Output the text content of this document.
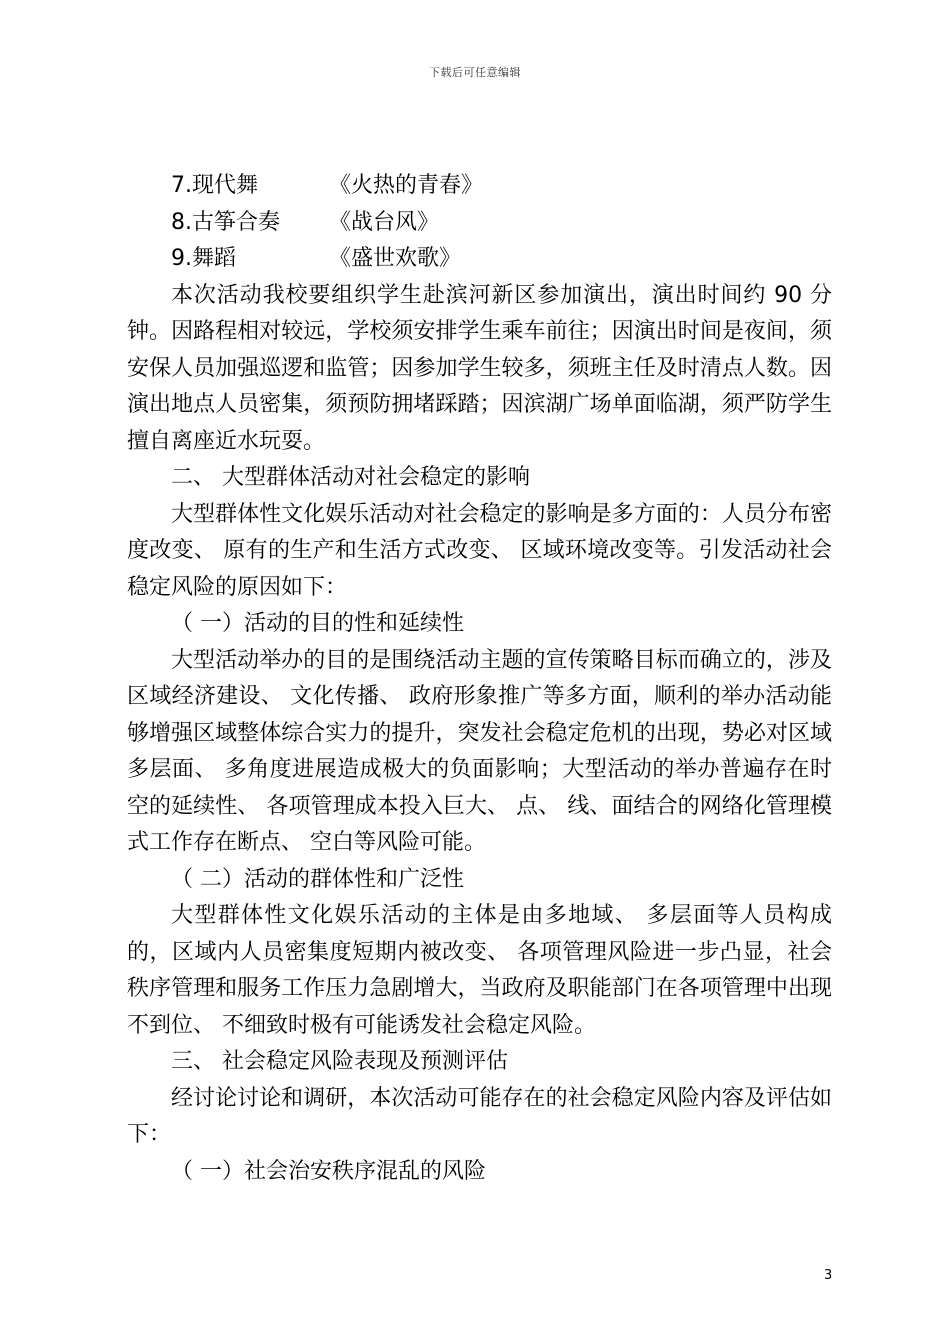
下载后可任意编辑
7.现代舞	《火热的青春》
8.古筝合奏	《战台风》
9.舞蹈	《盛世欢歌》

本次活动我校要组织学生赴滨河新区参加演出，演出时间约 90 分钟。因路程相对较远，学校须安排学生乘车前往；因演出时间是夜间，须安保人员加强巡逻和监管；因参加学生较多，须班主任及时清点人数。因演出地点人员密集，须预防拥堵踩踏；因滨湖广场单面临湖，须严防学生擅自离座近水玩耍。

二、 大型群体活动对社会稳定的影响

大型群体性文化娱乐活动对社会稳定的影响是多方面的：人员分布密度改变、 原有的生产和生活方式改变、 区域环境改变等。引发活动社会稳定风险的原因如下：

（ 一）活动的目的性和延续性

大型活动举办的目的是围绕活动主题的宣传策略目标而确立的，涉及区域经济建设、 文化传播、 政府形象推广等多方面，顺利的举办活动能够增强区域整体综合实力的提升，突发社会稳定危机的出现，势必对区域多层面、 多角度进展造成极大的负面影响；大型活动的举办普遍存在时空的延续性、 各项管理成本投入巨大、 点、 线、面结合的网络化管理模式工作存在断点、 空白等风险可能。

（ 二）活动的群体性和广泛性

大型群体性文化娱乐活动的主体是由多地域、 多层面等人员构成的，区域内人员密集度短期内被改变、 各项管理风险进一步凸显，社会秩序管理和服务工作压力急剧增大，当政府及职能部门在各项管理中出现不到位、 不细致时极有可能诱发社会稳定风险。

三、 社会稳定风险表现及预测评估

经讨论讨论和调研，本次活动可能存在的社会稳定风险内容及评估如下：

（ 一）社会治安秩序混乱的风险

3
